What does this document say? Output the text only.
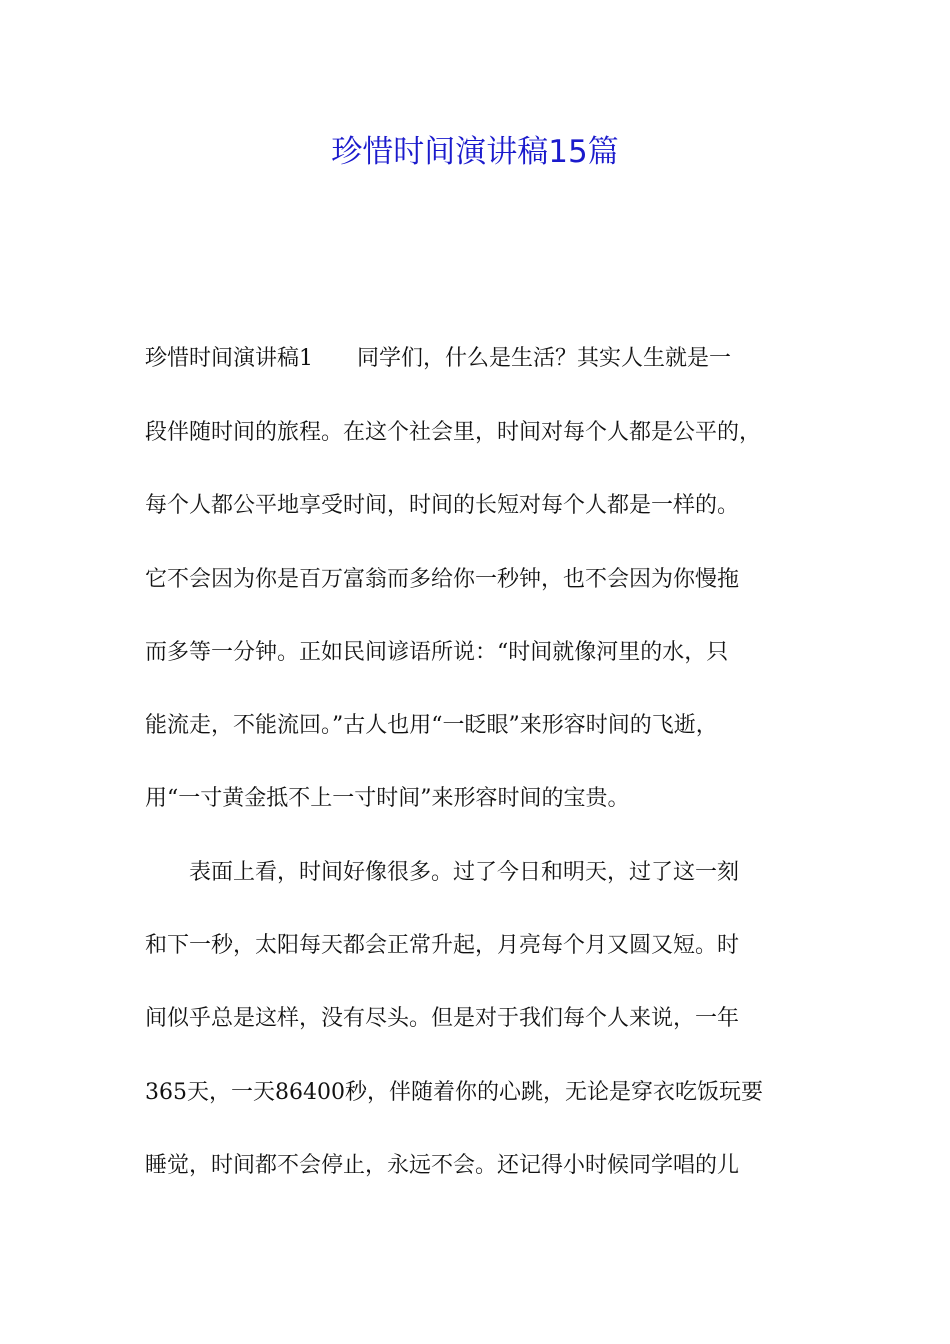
珍惜时间演讲稿15篇

珍惜时间演讲稿1　　同学们，什么是生活？其实人生就是一

段伴随时间的旅程。在这个社会里，时间对每个人都是公平的，

每个人都公平地享受时间，时间的长短对每个人都是一样的。

它不会因为你是百万富翁而多给你一秒钟，也不会因为你慢拖

而多等一分钟。正如民间谚语所说：“时间就像河里的水，只

能流走，不能流回。”古人也用“一眨眼”来形容时间的飞逝，

用“一寸黄金抵不上一寸时间”来形容时间的宝贵。

　　表面上看，时间好像很多。过了今日和明天，过了这一刻

和下一秒，太阳每天都会正常升起，月亮每个月又圆又短。时

间似乎总是这样，没有尽头。但是对于我们每个人来说，一年

365天，一天86400秒，伴随着你的心跳，无论是穿衣吃饭玩要

睡觉，时间都不会停止，永远不会。还记得小时候同学唱的儿
